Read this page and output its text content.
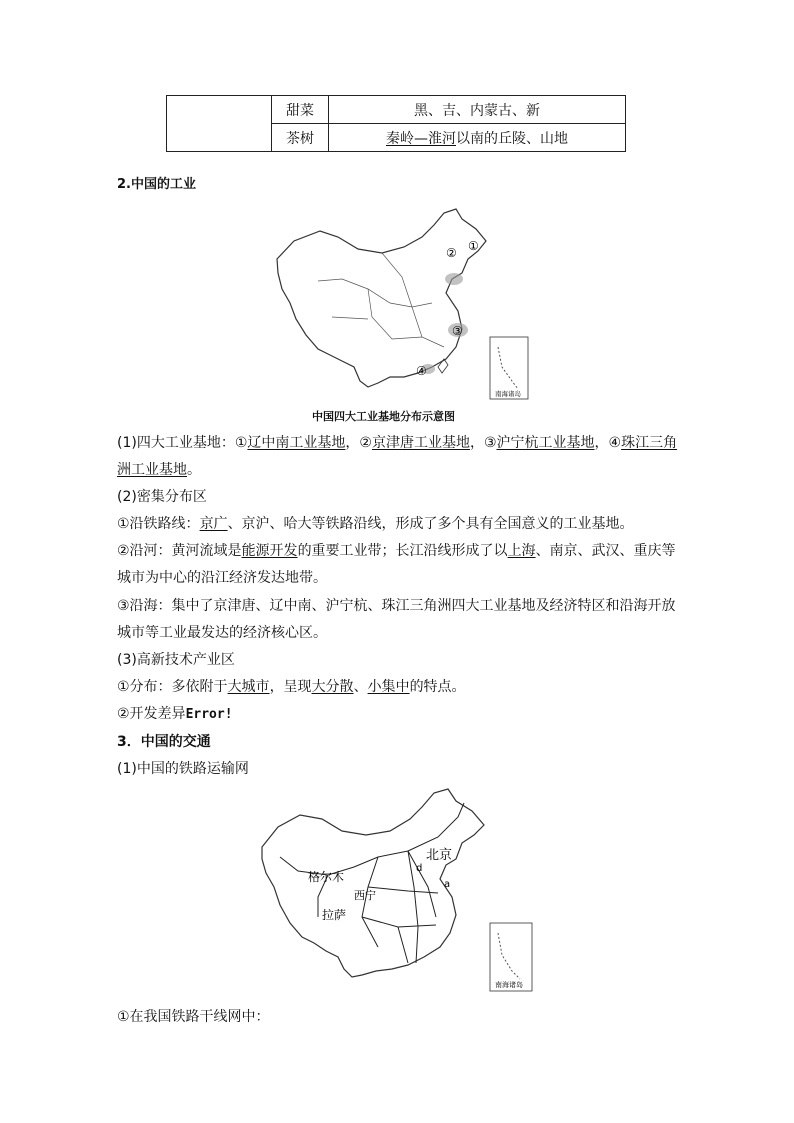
	甜菜	黑、吉、内蒙古、新
	茶树	秦岭—淮河以南的丘陵、山地
2.中国的工业
①
②
③
④
南海诸岛
中国四大工业基地分布示意图
(1)四大工业基地：①辽中南工业基地，②京津唐工业基地，③沪宁杭工业基地，④珠江三角
洲工业基地。
(2)密集分布区
①沿铁路线：京广、京沪、哈大等铁路沿线，形成了多个具有全国意义的工业基地。
②沿河：黄河流域是能源开发的重要工业带；长江沿线形成了以上海、南京、武汉、重庆等
城市为中心的沿江经济发达地带。
③沿海：集中了京津唐、辽中南、沪宁杭、珠江三角洲四大工业基地及经济特区和沿海开放
城市等工业最发达的经济核心区。
(3)高新技术产业区
①分布：多依附于大城市，呈现大分散、小集中的特点。
②开发差异Error!
3．中国的交通
(1)中国的铁路运输网
北京
格尔木
西宁
拉萨
d
a
南海诸岛
①在我国铁路干线网中：
